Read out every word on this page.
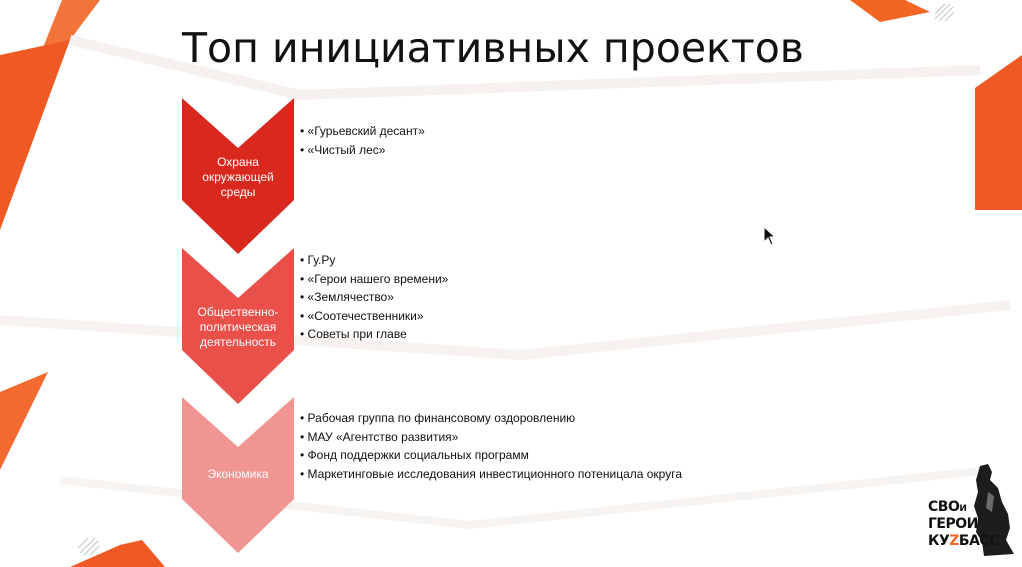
Топ инициативных проектов
Охрана
окружающей
среды
• «Гурьевский десант»
• «Чистый лес»
Общественно-
политическая
деятельность
• Гу.Ру
• «Герои нашего времени»
• «Землячество»
• «Соотечественники»
• Советы при главе
Экономика
• Рабочая группа по финансовому оздоровлению
• МАУ «Агентство развития»
• Фонд поддержки социальных программ
• Маркетинговые исследования инвестиционного потеницала округа
СВОИ
ГЕРОИ
КУZБАСС
